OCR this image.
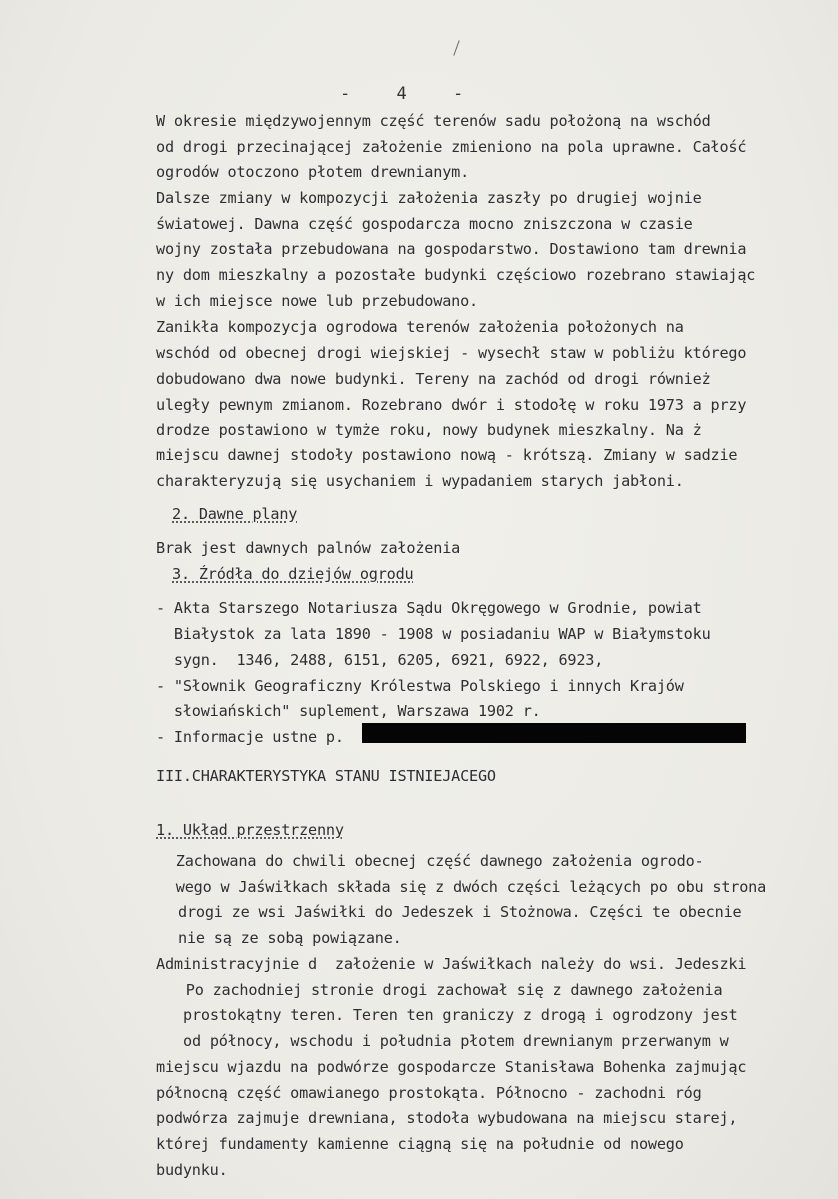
- 4 -
W okresie międzywojennym część terenów sadu położoną na wschód
od drogi przecinającej założenie zmieniono na pola uprawne. Całość
ogrodów otoczono płotem drewnianym.
Dalsze zmiany w kompozycji założenia zaszły po drugiej wojnie
światowej. Dawna część gospodarcza mocno zniszczona w czasie
wojny została przebudowana na gospodarstwo. Dostawiono tam drewnia
ny dom mieszkalny a pozostałe budynki częściowo rozebrano stawiając
w ich miejsce nowe lub przebudowano.
Zanikła kompozycja ogrodowa terenów założenia położonych na
wschód od obecnej drogi wiejskiej - wysechł staw w pobliżu którego
dobudowano dwa nowe budynki. Tereny na zachód od drogi również
uległy pewnym zmianom. Rozebrano dwór i stodołę w roku 1973 a przy
drodze postawiono w tymże roku, nowy budynek mieszkalny. Na ż
miejscu dawnej stodoły postawiono nową - krótszą. Zmiany w sadzie
charakteryzują się usychaniem i wypadaniem starych jabłoni.
2. Dawne plany
Brak jest dawnych palnów założenia
3. Źródła do dziejów ogrodu
- Akta Starszego Notariusza Sądu Okręgowego w Grodnie, powiat
Białystok za lata 1890 - 1908 w posiadaniu WAP w Białymstoku
sygn.  1346, 2488, 6151, 6205, 6921, 6922, 6923,
- "Słownik Geograficzny Królestwa Polskiego i innych Krajów
słowiańskich" suplement, Warszawa 1902 r.
- Informacje ustne p.
III.CHARAKTERYSTYKA STANU ISTNIEJACEGO
1. Układ przestrzenny
Zachowana do chwili obecnej część dawnego założenia ogrodo-
wego w Jaświłkach składa się z dwóch części leżących po obu strona
drogi ze wsi Jaświłki do Jedeszek i Stożnowa. Części te obecnie
nie są ze sobą powiązane.
Administracyjnie d  założenie w Jaświłkach należy do wsi. Jedeszki
Po zachodniej stronie drogi zachował się z dawnego założenia
prostokątny teren. Teren ten graniczy z drogą i ogrodzony jest
od północy, wschodu i południa płotem drewnianym przerwanym w
miejscu wjazdu na podwórze gospodarcze Stanisława Bohenka zajmując
północną część omawianego prostokąta. Północno - zachodni róg
podwórza zajmuje drewniana, stodoła wybudowana na miejscu starej,
której fundamenty kamienne ciągną się na południe od nowego
budynku.
